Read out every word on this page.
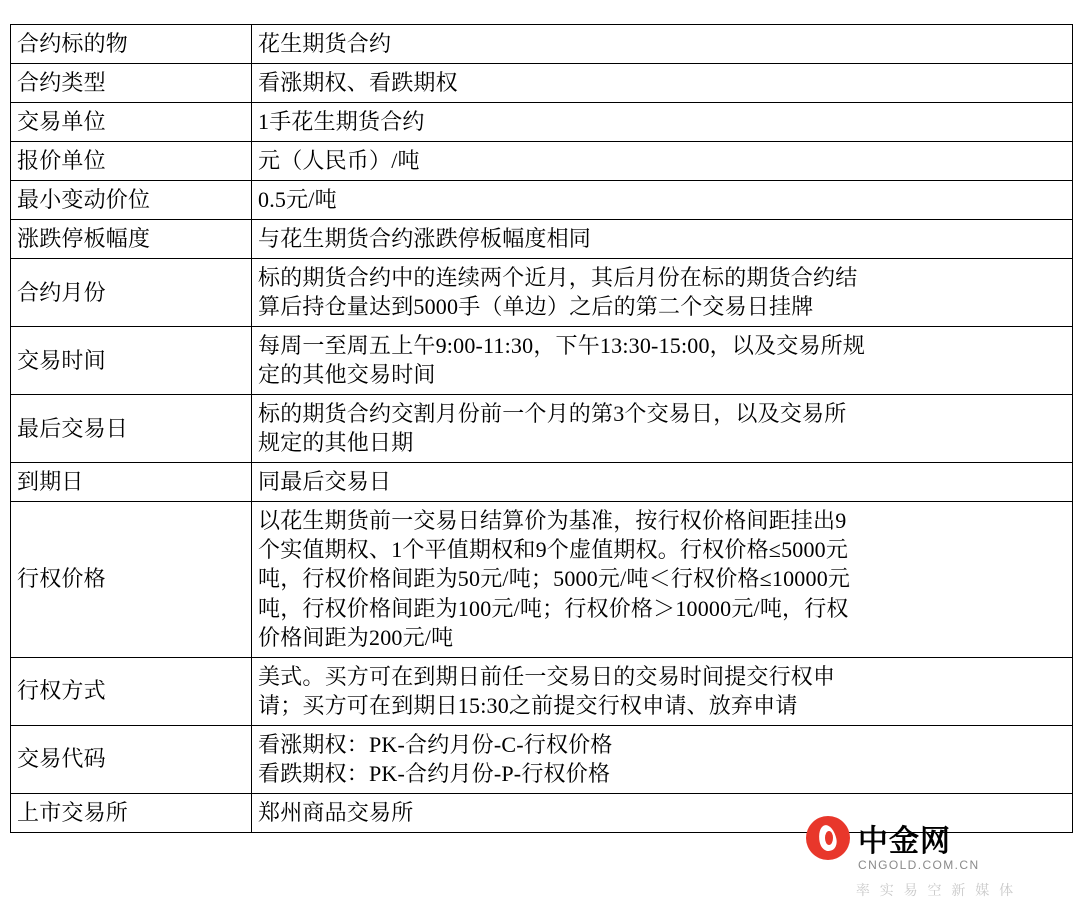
合约标的物	花生期货合约

合约类型	看涨期权、看跌期权

交易单位	1手花生期货合约

报价单位	元（人民币）/吨

最小变动价位	0.5元/吨

涨跌停板幅度	与花生期货合约涨跌停板幅度相同

合约月份	标的期货合约中的连续两个近月，其后月份在标的期货合约结
算后持仓量达到5000手（单边）之后的第二个交易日挂牌

交易时间	每周一至周五上午9:00-11:30，下午13:30-15:00，以及交易所规
定的其他交易时间

最后交易日	标的期货合约交割月份前一个月的第3个交易日，以及交易所
规定的其他日期

到期日	同最后交易日

行权价格	以花生期货前一交易日结算价为基准，按行权价格间距挂出9
个实值期权、1个平值期权和9个虚值期权。行权价格≤5000元
吨，行权价格间距为50元/吨；5000元/吨＜行权价格≤10000元
吨，行权价格间距为100元/吨；行权价格＞10000元/吨，行权
价格间距为200元/吨

行权方式	美式。买方可在到期日前任一交易日的交易时间提交行权申
请；买方可在到期日15:30之前提交行权申请、放弃申请

交易代码	看涨期权：PK-合约月份-C-行权价格
看跌期权：PK-合约月份-P-行权价格

上市交易所	郑州商品交易所
中金网
CNGOLD.COM.CN
率 实 易 空 新 媒 体
